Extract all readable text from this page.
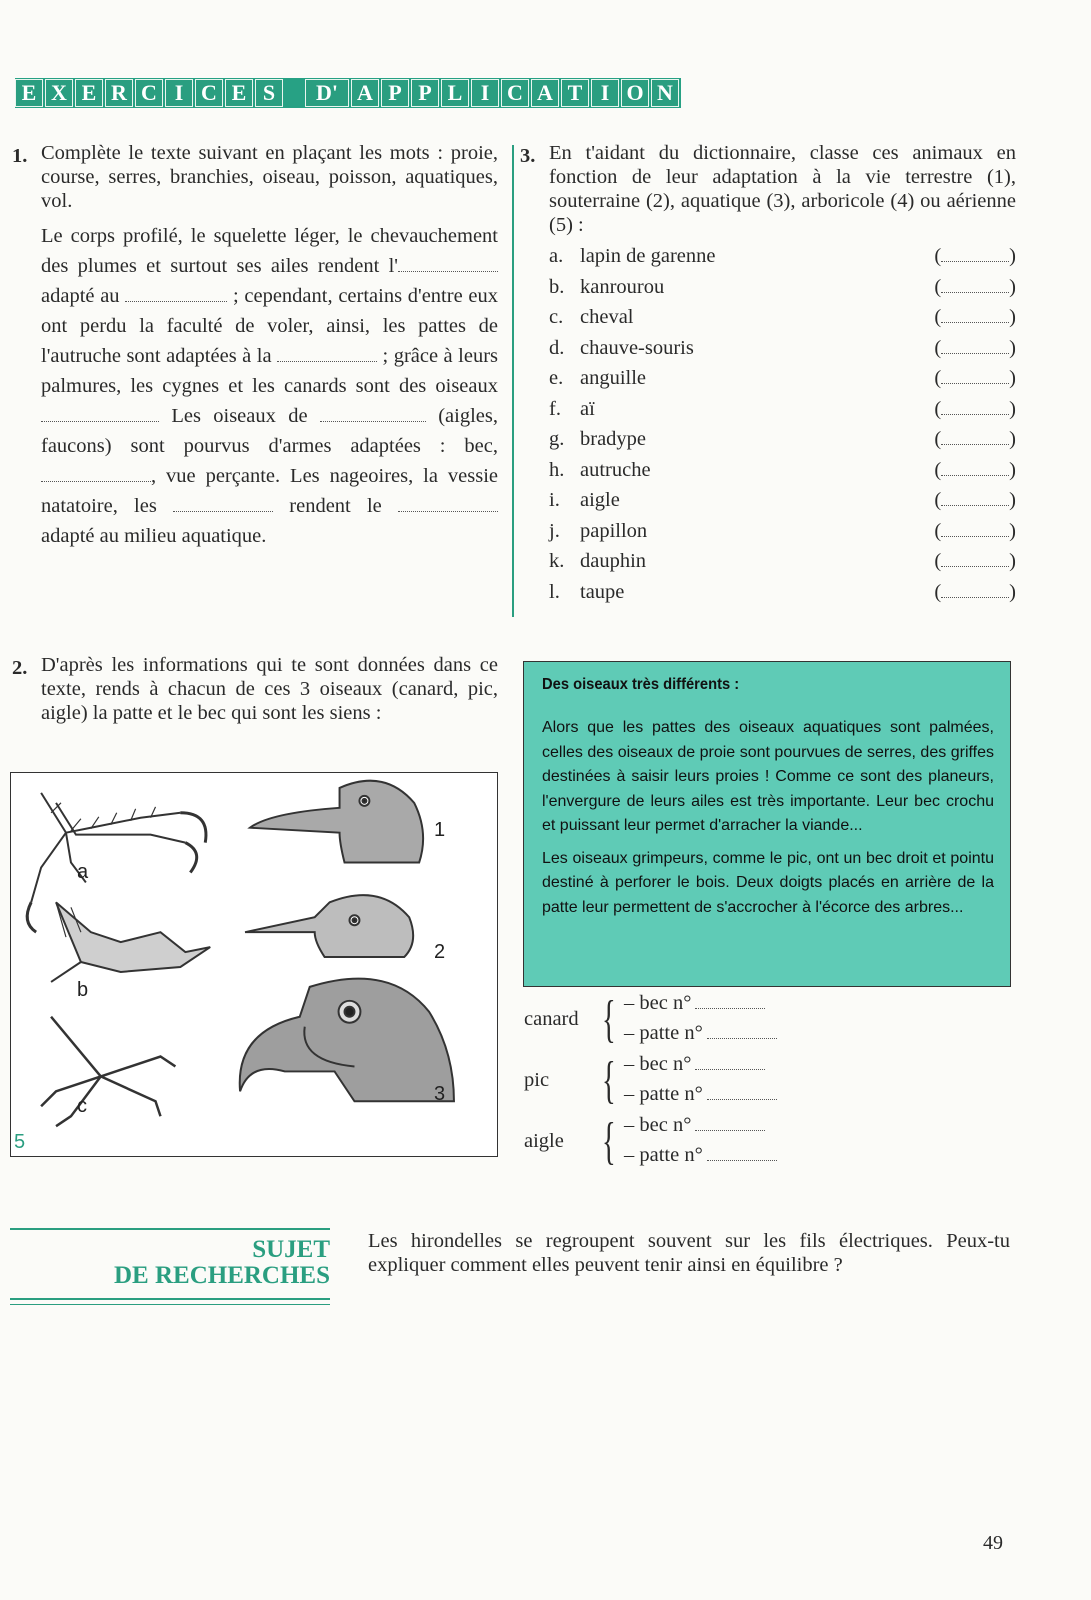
E X E R C I C E S	D' A P P L I C A T I O N
1. Complète le texte suivant en plaçant les mots : proie, course, serres, branchies, oiseau, poisson, aquatiques, vol.

Le corps profilé, le squelette léger, le chevauchement des plumes et surtout ses ailes rendent l' adapté au	; cependant, certains d'entre eux ont perdu la faculté de voler, ainsi, les pattes de l'autruche sont adaptées à la	; grâce à leurs palmures, les cygnes et les canards sont des oiseaux  Les oiseaux de	(aigles, faucons) sont pourvus d'armes adaptées : bec, , vue perçante. Les nageoires, la vessie natatoire, les	rendent le  adapté au milieu aquatique.

3. En t'aidant du dictionnaire, classe ces animaux en fonction de leur adaptation à la vie terrestre (1), souterraine (2), aquatique (3), arboricole (4) ou aérienne (5) :

a. lapin de garenne	(	)
b. kanrourou	(	)
c. cheval	(	)
d. chauve-souris	(	)
e. anguille	(	)
f. aï	(	)
g. bradype	(	)
h. autruche	(	)
i. aigle	(	)
j. papillon	(	)
k. dauphin	(	)
l. taupe	(	)
2. D'après les informations qui te sont données dans ce texte, rends à chacun de ces 3 oiseaux (canard, pic, aigle) la patte et le bec qui sont les siens :

a
b
c
1
2
3
5
Des oiseaux très différents :

Alors que les pattes des oiseaux aquatiques sont palmées, celles des oiseaux de proie sont pourvues de serres, des griffes destinées à saisir leurs proies ! Comme ce sont des planeurs, l'envergure de leurs ailes est très importante. Leur bec crochu et puissant leur permet d'arracher la viande...

Les oiseaux grimpeurs, comme le pic, ont un bec droit et pointu destiné à perforer le bois. Deux doigts placés en arrière de la patte leur permettent de s'accrocher à l'écorce des arbres...

canard { – bec n°
– patte n°
pic { – bec n°
– patte n°
aigle { – bec n°
– patte n°
SUJET
DE RECHERCHES

Les hirondelles se regroupent souvent sur les fils électriques. Peux-tu expliquer comment elles peuvent tenir ainsi en équilibre ?

49
